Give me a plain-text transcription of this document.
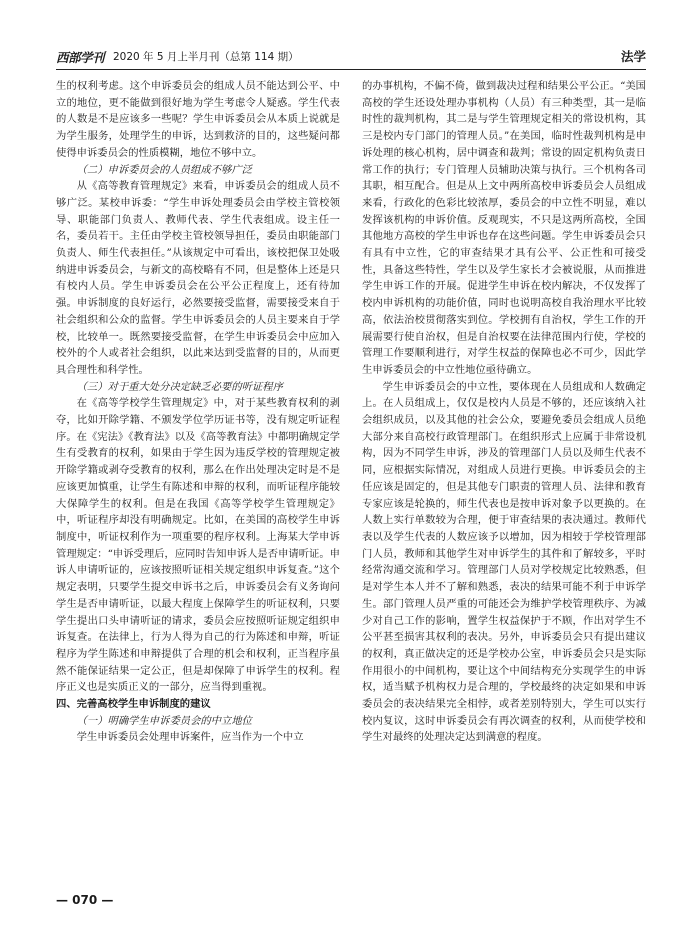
西部学刊 2020 年 5 月上半月刊（总第 114 期）	法学

生的权利考虑。这个申诉委员会的组成人员不能达到公平、中立的地位，更不能做到很好地为学生考虑令人疑惑。学生代表的人数是不是应该多一些呢？学生申诉委员会从本质上说就是为学生服务，处理学生的申诉，达到救济的目的，这些疑问都使得申诉委员会的性质模糊，地位不够中立。

（二）申诉委员会的人员组成不够广泛

从《高等教育管理规定》来看，申诉委员会的组成人员不够广泛。某校申诉委：“学生申诉处理委员会由学校主管校领导、职能部门负责人、教师代表、学生代表组成。设主任一名，委员若干。主任由学校主管校领导担任，委员由职能部门负责人、师生代表担任。”从该规定中可看出，该校把保卫处吸纳进申诉委员会，与新文的高校略有不同，但是整体上还是只有校内人员。学生申诉委员会在公平公正程度上，还有待加强。申诉制度的良好运行，必然要接受监督，需要接受来自于社会组织和公众的监督。学生申诉委员会的人员主要来自于学校，比较单一。既然要接受监督，在学生申诉委员会中应加入校外的个人或者社会组织，以此来达到受监督的目的，从而更具合理性和科学性。

（三）对于重大处分决定缺乏必要的听证程序

在《高等学校学生管理规定》中，对于某些教育权利的剥夺，比如开除学籍、不颁发学位学历证书等，没有规定听证程序。在《宪法》《教育法》以及《高等教育法》中都明确规定学生有受教育的权利，如果由于学生因为违反学校的管理规定被开除学籍或剥夺受教育的权利，那么在作出处理决定时是不是应该更加慎重，让学生有陈述和申辩的权利，而听证程序能较大保障学生的权利。但是在我国《高等学校学生管理规定》中，听证程序却没有明确规定。比如，在美国的高校学生申诉制度中，听证权利作为一项重要的程序权利。上海某大学申诉管理规定：“申诉受理后，应同时告知申诉人是否申请听证。申诉人申请听证的，应该按照听证相关规定组织申诉复查。”这个规定表明，只要学生提交申诉书之后，申诉委员会有义务询问学生是否申请听证，以最大程度上保障学生的听证权利，只要学生提出口头申请听证的请求，委员会应按照听证规定组织申诉复查。在法律上，行为人得为自己的行为陈述和申辩，听证程序为学生陈述和申辩提供了合理的机会和权利，正当程序虽然不能保证结果一定公正，但是却保障了申诉学生的权利。程序正义也是实质正义的一部分，应当得到重视。

四、完善高校学生申诉制度的建议
（一）明确学生申诉委员会的中立地位

学生申诉委员会处理申诉案件，应当作为一个中立

的办事机构，不偏不倚，做到裁决过程和结果公平公正。“美国高校的学生还设处理办事机构（人员）有三种类型，其一是临时性的裁判机构，其二是与学生管理规定相关的常设机构，其三是校内专门部门的管理人员。”在美国，临时性裁判机构是申诉处理的核心机构，居中调查和裁判；常设的固定机构负责日常工作的执行；专门管理人员辅助决策与执行。三个机构各司其职，相互配合。但是从上文中两所高校申诉委员会人员组成来看，行政化的色彩比较浓厚，委员会的中立性不明显，难以发挥该机构的申诉价值。反观现实，不只是这两所高校，全国其他地方高校的学生申诉也存在这些问题。学生申诉委员会只有具有中立性，它的审查结果才具有公平、公正性和可接受性，具备这些特性，学生以及学生家长才会被说服，从而推进学生申诉工作的开展。促进学生申诉在校内解决，不仅发挥了校内申诉机构的功能价值，同时也说明高校自我治理水平比较高，依法治校贯彻落实到位。学校拥有自治权，学生工作的开展需要行使自治权，但是自治权要在法律范围内行使，学校的管理工作要顺利进行，对学生权益的保障也必不可少，因此学生申诉委员会的中立性地位亟待确立。

学生申诉委员会的中立性，要体现在人员组成和人数确定上。在人员组成上，仅仅是校内人员是不够的，还应该纳入社会组织成员，以及其他的社会公众，要避免委员会组成人员绝大部分来自高校行政管理部门。在组织形式上应属于非常设机构，因为不同学生申诉，涉及的管理部门人员以及师生代表不同，应根据实际情况，对组成人员进行更换。申诉委员会的主任应该是固定的，但是其他专门职责的管理人员、法律和教育专家应该是轮换的，师生代表也是按申诉对象予以更换的。在人数上实行单数较为合理，便于审查结果的表决通过。教师代表以及学生代表的人数应该予以增加，因为相较于学校管理部门人员，教师和其他学生对申诉学生的其件和了解较多，平时经常沟通交流和学习。管理部门人员对学校规定比较熟悉，但是对学生本人并不了解和熟悉，表决的结果可能不利于申诉学生。部门管理人员严重的可能还会为维护学校管理秩序、为减少对自己工作的影响，置学生权益保护于不顾，作出对学生不公平甚至损害其权利的表决。另外，申诉委员会只有提出建议的权利，真正做决定的还是学校办公室，申诉委员会只是实际作用很小的中间机构，要让这个中间结构充分实现学生的申诉权，适当赋予机构权力是合理的，学校最终的决定如果和申诉委员会的表决结果完全相悖，或者差别特别大，学生可以实行校内复议，这时申诉委员会有再次调查的权利，从而使学校和学生对最终的处理决定达到满意的程度。

— 070 —
